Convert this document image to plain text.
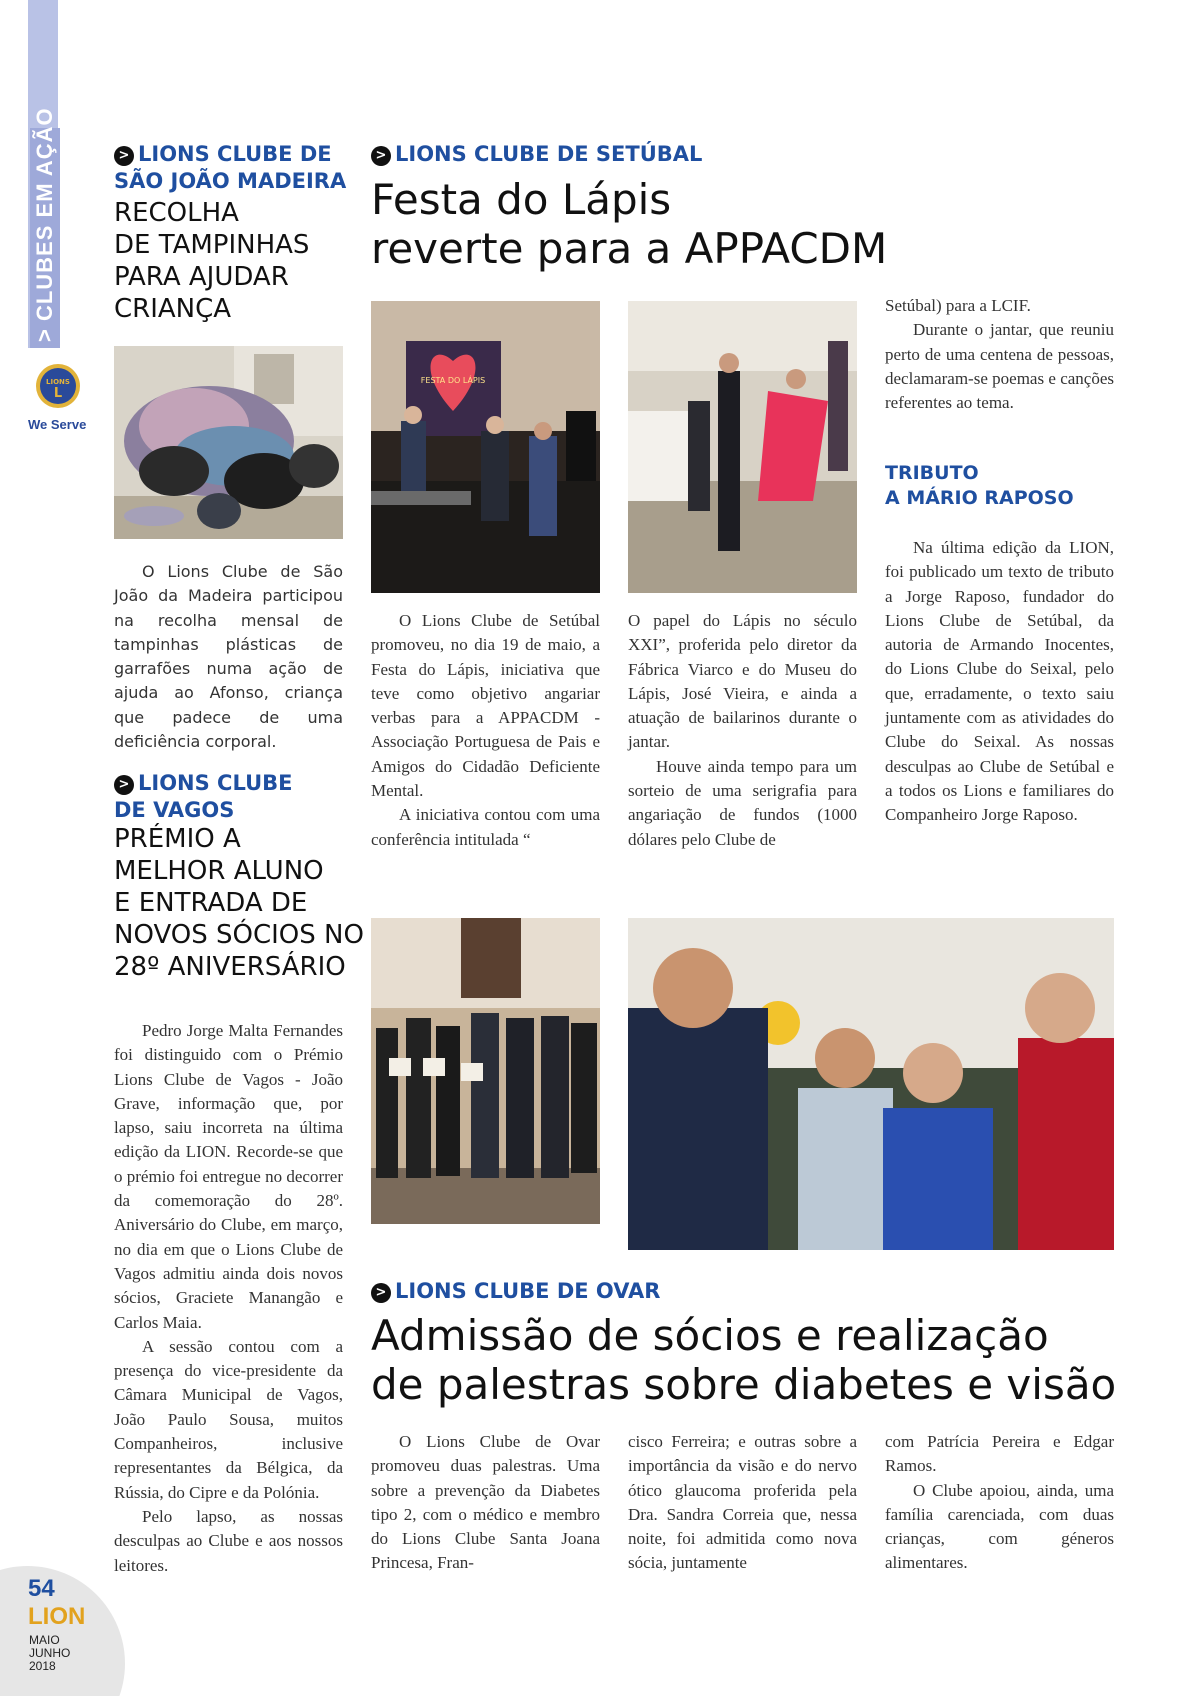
> CLUBES EM AÇÃO
LIONS
L
We Serve
> LIONS CLUBE DE
SÃO JOÃO MADEIRA
RECOLHA
DE TAMPINHAS
PARA AJUDAR
CRIANÇA

O Lions Clube de São João da Madeira participou na recolha mensal de tampinhas plásticas de garrafões numa ação de ajuda ao Afonso, criança que padece de uma deficiência corporal.

> LIONS CLUBE
DE VAGOS
PRÉMIO A
MELHOR ALUNO
E ENTRADA DE
NOVOS SÓCIOS NO
28º ANIVERSÁRIO

Pedro Jorge Malta Fernandes foi distinguido com o Prémio Lions Clube de Vagos - João Grave, informação que, por lapso, saiu incorreta na última edição da LION. Recorde-se que o prémio foi entregue no decorrer da comemoração do 28º. Aniversário do Clube, em março, no dia em que o Lions Clube de Vagos admitiu ainda dois novos sócios, Graciete Manangão e Carlos Maia.

A sessão contou com a presença do vice-presidente da Câmara Municipal de Vagos, João Paulo Sousa, muitos Companheiros, inclusive representantes da Bélgica, da Rússia, do Cipre e da Polónia.

Pelo lapso, as nossas desculpas ao Clube e aos nossos leitores.

> LIONS CLUBE DE SETÚBAL
Festa do Lápis
reverte para a APPACDM
FESTA DO LÁPIS

O Lions Clube de Setúbal promoveu, no dia 19 de maio, a Festa do Lápis, iniciativa que teve como objetivo angariar verbas para a APPACDM - Associação Portuguesa de Pais e Amigos do Cidadão Deficiente Mental.

A iniciativa contou com uma conferência intitulada “

O papel do Lápis no século XXI”, proferida pelo diretor da Fábrica Viarco e do Museu do Lápis, José Vieira, e ainda a atuação de bailarinos durante o jantar.

Houve ainda tempo para um sorteio de uma serigrafia para angariação de fundos (1000 dólares pelo Clube de

Setúbal) para a LCIF.

Durante o jantar, que reuniu perto de uma centena de pessoas, declamaram-se poemas e canções referentes ao tema.

TRIBUTO
A MÁRIO RAPOSO

Na última edição da LION, foi publicado um texto de tributo a Jorge Raposo, fundador do Lions Clube de Setúbal, da autoria de Armando Inocentes, do Lions Clube do Seixal, pelo que, erradamente, o texto saiu juntamente com as atividades do Clube do Seixal. As nossas desculpas ao Clube de Setúbal e a todos os Lions e familiares do Companheiro Jorge Raposo.

> LIONS CLUBE DE OVAR
Admissão de sócios e realização
de palestras sobre diabetes e visão

O Lions Clube de Ovar promoveu duas palestras. Uma sobre a prevenção da Diabetes tipo 2, com o médico e membro do Lions Clube Santa Joana Princesa, Fran-

cisco Ferreira; e outras sobre a importância da visão e do nervo ótico glaucoma proferida pela Dra. Sandra Correia que, nessa noite, foi admitida como nova sócia, juntamente

com Patrícia Pereira e Edgar Ramos.

O Clube apoiou, ainda, uma família carenciada, com duas crianças, com géneros alimentares.

54
LION
MAIO
JUNHO
2018
